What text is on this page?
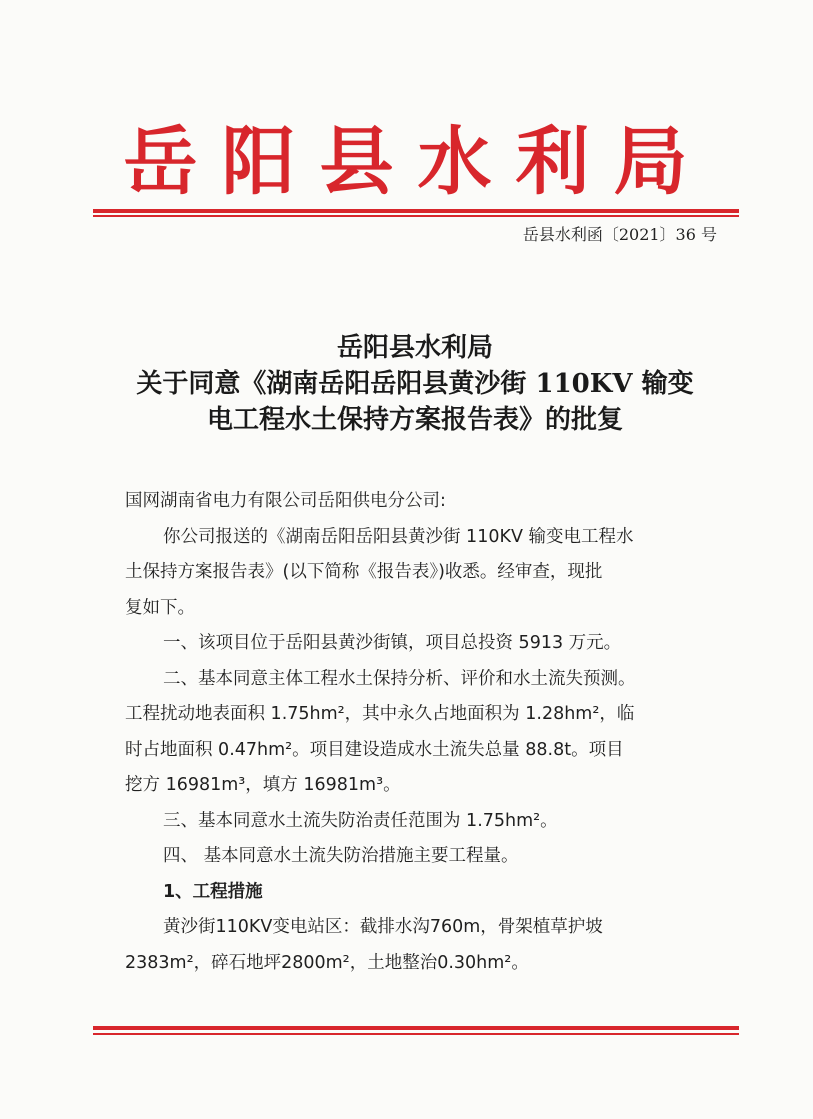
岳阳县水利局
岳县水利函〔2021〕36 号
岳阳县水利局
关于同意《湖南岳阳岳阳县黄沙街 110KV 输变
电工程水土保持方案报告表》的批复

国网湖南省电力有限公司岳阳供电分公司:

你公司报送的《湖南岳阳岳阳县黄沙街 110KV 输变电工程水

土保持方案报告表》(以下简称《报告表》)收悉。经审查，现批

复如下。

一、该项目位于岳阳县黄沙街镇，项目总投资 5913 万元。

二、基本同意主体工程水土保持分析、评价和水土流失预测。

工程扰动地表面积 1.75hm²，其中永久占地面积为 1.28hm²，临

时占地面积 0.47hm²。项目建设造成水土流失总量 88.8t。项目

挖方 16981m³，填方 16981m³。

三、基本同意水土流失防治责任范围为 1.75hm²。

四、 基本同意水土流失防治措施主要工程量。

1、工程措施

黄沙街110KV变电站区：截排水沟760m，骨架植草护坡

2383m²，碎石地坪2800m²，土地整治0.30hm²。
